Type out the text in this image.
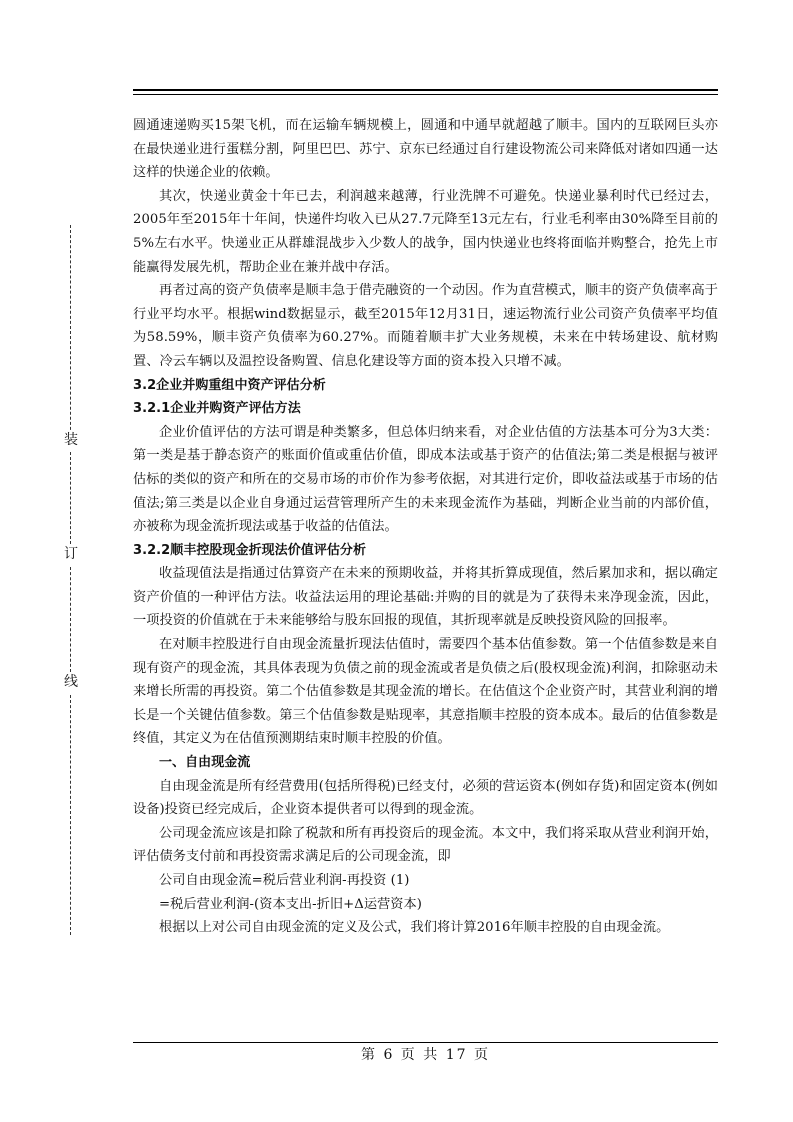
装
订
线

圆通速递购买15架飞机，而在运输车辆规模上，圆通和中通早就超越了顺丰。国内的互联网巨头亦在最快递业进行蛋糕分割，阿里巴巴、苏宁、京东已经通过自行建设物流公司来降低对诸如四通一达这样的快递企业的依赖。

其次，快递业黄金十年已去，利润越来越薄，行业洗牌不可避免。快递业暴利时代已经过去，2005年至2015年十年间，快递件均收入已从27.7元降至13元左右，行业毛利率由30%降至目前的5%左右水平。快递业正从群雄混战步入少数人的战争，国内快递业也终将面临并购整合，抢先上市能赢得发展先机，帮助企业在兼并战中存活。

再者过高的资产负债率是顺丰急于借壳融资的一个动因。作为直营模式，顺丰的资产负债率高于行业平均水平。根据wind数据显示，截至2015年12月31日，速运物流行业公司资产负债率平均值为58.59%，顺丰资产负债率为60.27%。而随着顺丰扩大业务规模，未来在中转场建设、航材购置、冷云车辆以及温控设备购置、信息化建设等方面的资本投入只增不减。

3.2企业并购重组中资产评估分析
3.2.1企业并购资产评估方法

企业价值评估的方法可谓是种类繁多，但总体归纳来看，对企业估值的方法基本可分为3大类：第一类是基于静态资产的账面价值或重估价值，即成本法或基于资产的估值法;第二类是根据与被评估标的类似的资产和所在的交易市场的市价作为参考依据，对其进行定价，即收益法或基于市场的估值法;第三类是以企业自身通过运营管理所产生的未来现金流作为基础，判断企业当前的内部价值，亦被称为现金流折现法或基于收益的估值法。

3.2.2顺丰控股现金折现法价值评估分析

收益现值法是指通过估算资产在未来的预期收益，并将其折算成现值，然后累加求和，据以确定资产价值的一种评估方法。收益法运用的理论基础:并购的目的就是为了获得未来净现金流，因此，一项投资的价值就在于未来能够给与股东回报的现值，其折现率就是反映投资风险的回报率。

在对顺丰控股进行自由现金流量折现法估值时，需要四个基本估值参数。第一个估值参数是来自现有资产的现金流，其具体表现为负债之前的现金流或者是负债之后(股权现金流)利润，扣除驱动未来增长所需的再投资。第二个估值参数是其现金流的增长。在估值这个企业资产时，其营业利润的增长是一个关键估值参数。第三个估值参数是贴现率，其意指顺丰控股的资本成本。最后的估值参数是终值，其定义为在估值预测期结束时顺丰控股的价值。

一、自由现金流

自由现金流是所有经营费用(包括所得税)已经支付，必须的营运资本(例如存货)和固定资本(例如设备)投资已经完成后，企业资本提供者可以得到的现金流。

公司现金流应该是扣除了税款和所有再投资后的现金流。本文中，我们将采取从营业利润开始，评估债务支付前和再投资需求满足后的公司现金流，即

公司自由现金流=税后营业利润-再投资 (1)

=税后营业利润-(资本支出-折旧+Δ运营资本)

根据以上对公司自由现金流的定义及公式，我们将计算2016年顺丰控股的自由现金流。

第 6 页 共 17 页
